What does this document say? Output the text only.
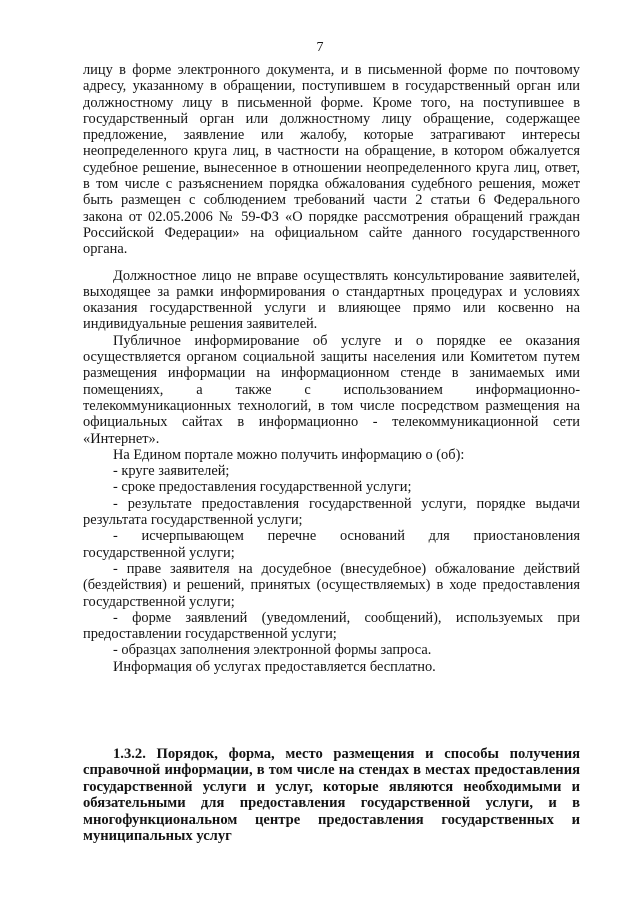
7

лицу в форме электронного документа, и в письменной форме по почтовому адресу, указанному в обращении, поступившем в государственный орган или должностному лицу в письменной форме. Кроме того, на поступившее в государственный орган или должностному лицу обращение, содержащее предложение, заявление или жалобу, которые затрагивают интересы неопределенного круга лиц, в частности на обращение, в котором обжалуется судебное решение, вынесенное в отношении неопределенного круга лиц, ответ, в том числе с разъяснением порядка обжалования судебного решения, может быть размещен с соблюдением требований части 2 статьи 6 Федерального закона от 02.05.2006 № 59-ФЗ «О порядке рассмотрения обращений граждан Российской Федерации» на официальном сайте данного государственного органа.

Должностное лицо не вправе осуществлять консультирование заявителей, выходящее за рамки информирования о стандартных процедурах и условиях оказания государственной услуги и влияющее прямо или косвенно на индивидуальные решения заявителей.

Публичное информирование об услуге и о порядке ее оказания осуществляется органом социальной защиты населения или Комитетом путем размещения информации на информационном стенде в занимаемых ими помещениях, а также с использованием информационно-телекоммуникационных технологий, в том числе посредством размещения на официальных сайтах в информационно - телекоммуникационной сети «Интернет».

На Едином портале можно получить информацию о (об):

- круге заявителей;
- сроке предоставления государственной услуги;
- результате предоставления государственной услуги, порядке выдачи результата государственной услуги;
- исчерпывающем перечне оснований для приостановления государственной услуги;
- праве заявителя на досудебное (внесудебное) обжалование действий (бездействия) и решений, принятых (осуществляемых) в ходе предоставления государственной услуги;
- форме заявлений (уведомлений, сообщений), используемых при предоставлении государственной услуги;
- образцах заполнения электронной формы запроса.

Информация об услугах предоставляется бесплатно.

1.3.2. Порядок, форма, место размещения и способы получения справочной информации, в том числе на стендах в местах предоставления государственной услуги и услуг, которые являются необходимыми и обязательными для предоставления государственной услуги, и в многофункциональном центре предоставления государственных и муниципальных услуг
